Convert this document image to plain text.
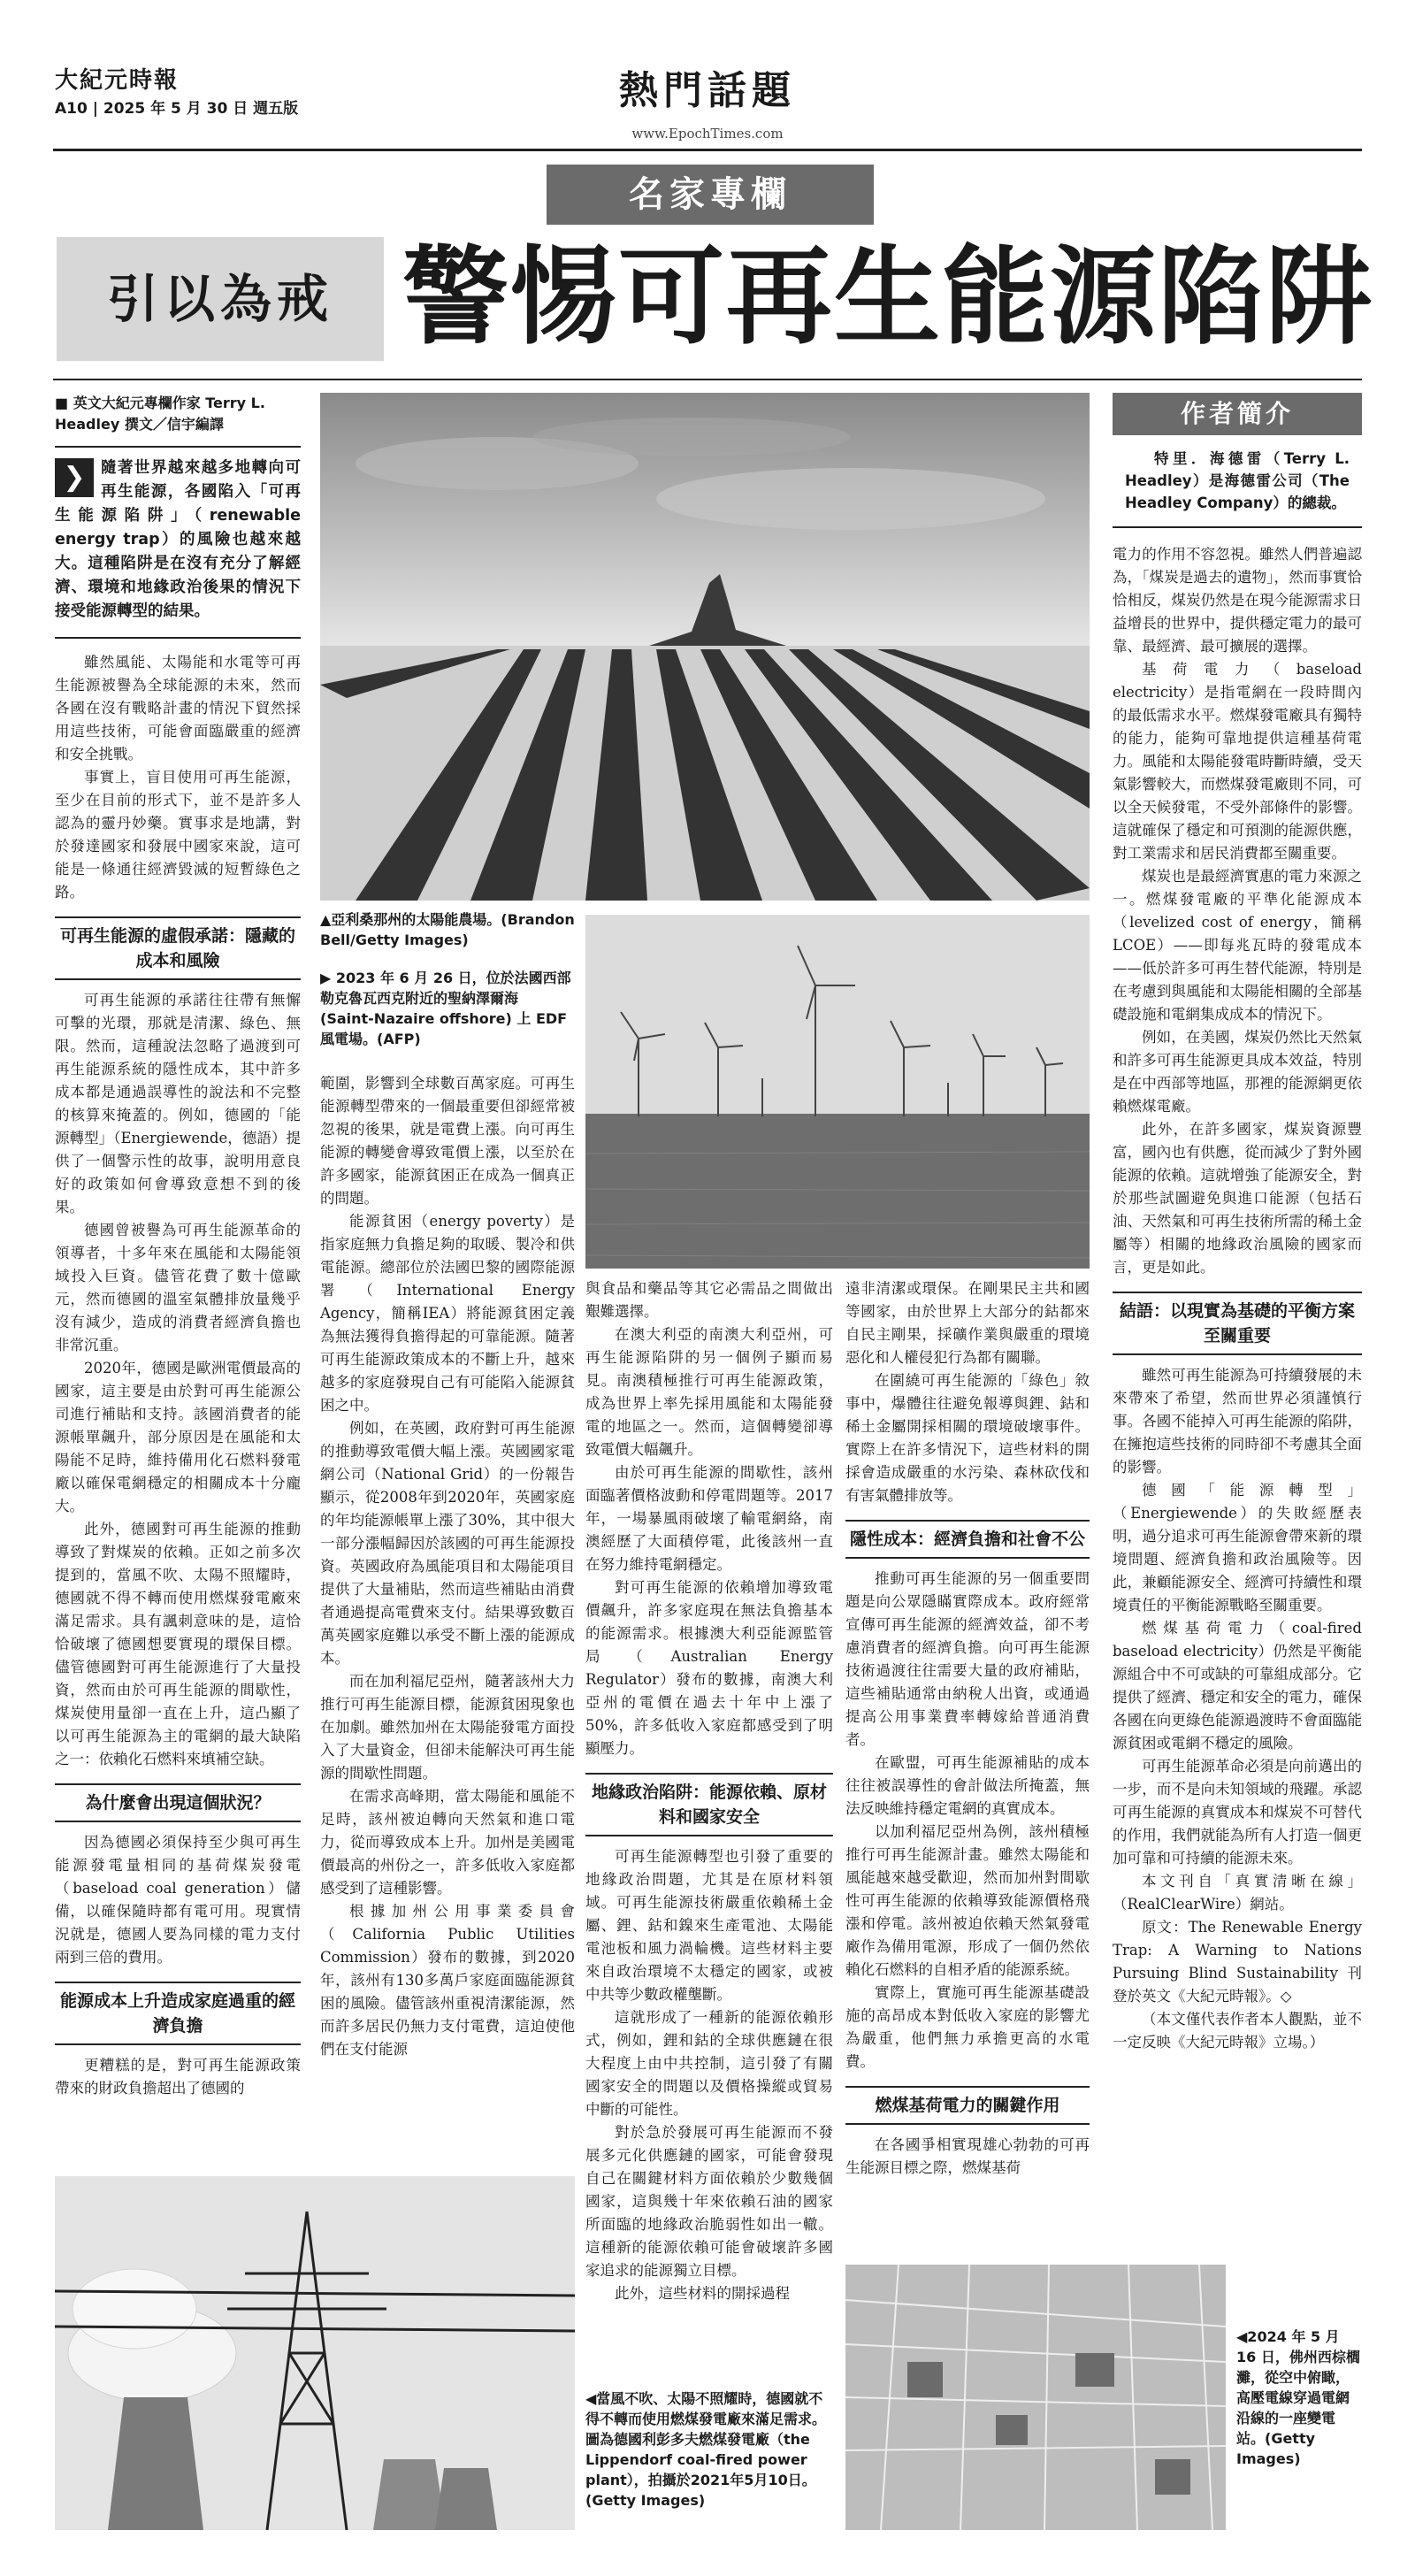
大紀元時報
A10 | 2025 年 5 月 30 日 週五版	熱門話題
www.EpochTimes.com
名家專欄
引以為戒 警惕可再生能源陷阱
■ 英文大紀元專欄作家 Terry L. Headley 撰文／信宇編譯
❯ 隨著世界越來越多地轉向可再生能源，各國陷入「可再生能源陷阱」（renewable energy trap）的風險也越來越大。這種陷阱是在沒有充分了解經濟、環境和地緣政治後果的情況下接受能源轉型的結果。

雖然風能、太陽能和水電等可再生能源被譽為全球能源的未來，然而各國在沒有戰略計畫的情況下貿然採用這些技術，可能會面臨嚴重的經濟和安全挑戰。

事實上，盲目使用可再生能源，至少在目前的形式下，並不是許多人認為的靈丹妙藥。實事求是地講，對於發達國家和發展中國家來說，這可能是一條通往經濟毀滅的短暫綠色之路。

可再生能源的虛假承諾：隱藏的成本和風險

可再生能源的承諾往往帶有無懈可擊的光環，那就是清潔、綠色、無限。然而，這種說法忽略了過渡到可再生能源系統的隱性成本，其中許多成本都是通過誤導性的說法和不完整的核算來掩蓋的。例如，德國的「能源轉型」（Energiewende，德語）提供了一個警示性的故事，說明用意良好的政策如何會導致意想不到的後果。

德國曾被譽為可再生能源革命的領導者，十多年來在風能和太陽能領域投入巨資。儘管花費了數十億歐元，然而德國的溫室氣體排放量幾乎沒有減少，造成的消費者經濟負擔也非常沉重。

2020年，德國是歐洲電價最高的國家，這主要是由於對可再生能源公司進行補貼和支持。該國消費者的能源帳單飆升，部分原因是在風能和太陽能不足時，維持備用化石燃料發電廠以確保電網穩定的相關成本十分龐大。

此外，德國對可再生能源的推動導致了對煤炭的依賴。正如之前多次提到的，當風不吹、太陽不照耀時，德國就不得不轉而使用燃煤發電廠來滿足需求。具有諷刺意味的是，這恰恰破壞了德國想要實現的環保目標。儘管德國對可再生能源進行了大量投資，然而由於可再生能源的間歇性，煤炭使用量卻一直在上升，這凸顯了以可再生能源為主的電網的最大缺陷之一：依賴化石燃料來填補空缺。

為什麼會出現這個狀況？

因為德國必須保持至少與可再生能源發電量相同的基荷煤炭發電（baseload coal generation）儲備，以確保隨時都有電可用。現實情況就是，德國人要為同樣的電力支付兩到三倍的費用。

能源成本上升造成家庭過重的經濟負擔

更糟糕的是，對可再生能源政策帶來的財政負擔超出了德國的

▲亞利桑那州的太陽能農場。(Brandon Bell/Getty Images)
▶ 2023 年 6 月 26 日，位於法國西部勒克魯瓦西克附近的聖納澤爾海 (Saint-Nazaire offshore) 上 EDF 風電場。(AFP)

範圍，影響到全球數百萬家庭。可再生能源轉型帶來的一個最重要但卻經常被忽視的後果，就是電費上漲。向可再生能源的轉變會導致電價上漲，以至於在許多國家，能源貧困正在成為一個真正的問題。

能源貧困（energy poverty）是指家庭無力負擔足夠的取暖、製冷和供電能源。總部位於法國巴黎的國際能源署（International Energy Agency，簡稱IEA）將能源貧困定義為無法獲得負擔得起的可靠能源。隨著可再生能源政策成本的不斷上升，越來越多的家庭發現自己有可能陷入能源貧困之中。

例如，在英國，政府對可再生能源的推動導致電價大幅上漲。英國國家電網公司（National Grid）的一份報告顯示，從2008年到2020年，英國家庭的年均能源帳單上漲了30%，其中很大一部分漲幅歸因於該國的可再生能源投資。英國政府為風能項目和太陽能項目提供了大量補貼，然而這些補貼由消費者通過提高電費來支付。結果導致數百萬英國家庭難以承受不斷上漲的能源成本。

而在加利福尼亞州，隨著該州大力推行可再生能源目標，能源貧困現象也在加劇。雖然加州在太陽能發電方面投入了大量資金，但卻未能解決可再生能源的間歇性問題。

在需求高峰期，當太陽能和風能不足時，該州被迫轉向天然氣和進口電力，從而導致成本上升。加州是美國電價最高的州份之一，許多低收入家庭都感受到了這種影響。

根據加州公用事業委員會（California Public Utilities Commission）發布的數據，到2020年，該州有130多萬戶家庭面臨能源貧困的風險。儘管該州重視清潔能源，然而許多居民仍無力支付電費，這迫使他們在支付能源

與食品和藥品等其它必需品之間做出艱難選擇。

在澳大利亞的南澳大利亞州，可再生能源陷阱的另一個例子顯而易見。南澳積極推行可再生能源政策，成為世界上率先採用風能和太陽能發電的地區之一。然而，這個轉變卻導致電價大幅飆升。

由於可再生能源的間歇性，該州面臨著價格波動和停電問題等。2017年，一場暴風雨破壞了輸電網絡，南澳經歷了大面積停電，此後該州一直在努力維持電網穩定。

對可再生能源的依賴增加導致電價飆升，許多家庭現在無法負擔基本的能源需求。根據澳大利亞能源監管局（Australian Energy Regulator）發布的數據，南澳大利亞州的電價在過去十年中上漲了50%，許多低收入家庭都感受到了明顯壓力。

地緣政治陷阱：能源依賴、原材料和國家安全

可再生能源轉型也引發了重要的地緣政治問題，尤其是在原材料領域。可再生能源技術嚴重依賴稀土金屬、鋰、鈷和鎳來生產電池、太陽能電池板和風力渦輪機。這些材料主要來自政治環境不太穩定的國家，或被中共等少數政權壟斷。

這就形成了一種新的能源依賴形式，例如，鋰和鈷的全球供應鏈在很大程度上由中共控制，這引發了有關國家安全的問題以及價格操縱或貿易中斷的可能性。

對於急於發展可再生能源而不發展多元化供應鏈的國家，可能會發現自己在關鍵材料方面依賴於少數幾個國家，這與幾十年來依賴石油的國家所面臨的地緣政治脆弱性如出一轍。這種新的能源依賴可能會破壞許多國家追求的能源獨立目標。

此外，這些材料的開採過程

遠非清潔或環保。在剛果民主共和國等國家，由於世界上大部分的鈷都來自民主剛果，採礦作業與嚴重的環境惡化和人權侵犯行為都有關聯。

在圍繞可再生能源的「綠色」敘事中，爆體往往避免報導與鋰、鈷和稀土金屬開採相關的環境破壞事件。實際上在許多情況下，這些材料的開採會造成嚴重的水污染、森林砍伐和有害氣體排放等。

隱性成本：經濟負擔和社會不公

推動可再生能源的另一個重要問題是向公眾隱瞞實際成本。政府經常宣傳可再生能源的經濟效益，卻不考慮消費者的經濟負擔。向可再生能源技術過渡往往需要大量的政府補貼，這些補貼通常由納稅人出資，或通過提高公用事業費率轉嫁給普通消費者。

在歐盟，可再生能源補貼的成本往往被誤導性的會計做法所掩蓋，無法反映維持穩定電網的真實成本。

以加利福尼亞州為例，該州積極推行可再生能源計畫。雖然太陽能和風能越來越受歡迎，然而加州對間歇性可再生能源的依賴導致能源價格飛漲和停電。該州被迫依賴天然氣發電廠作為備用電源，形成了一個仍然依賴化石燃料的自相矛盾的能源系統。

實際上，實施可再生能源基礎設施的高昂成本對低收入家庭的影響尤為嚴重，他們無力承擔更高的水電費。

燃煤基荷電力的關鍵作用

在各國爭相實現雄心勃勃的可再生能源目標之際，燃煤基荷

作者簡介
特里．海德雷（Terry L. Headley）是海德雷公司（The Headley Company）的總裁。

電力的作用不容忽視。雖然人們普遍認為，「煤炭是過去的遺物」，然而事實恰恰相反，煤炭仍然是在現今能源需求日益增長的世界中，提供穩定電力的最可靠、最經濟、最可擴展的選擇。

基荷電力（baseload electricity）是指電網在一段時間內的最低需求水平。燃煤發電廠具有獨特的能力，能夠可靠地提供這種基荷電力。風能和太陽能發電時斷時續，受天氣影響較大，而燃煤發電廠則不同，可以全天候發電，不受外部條件的影響。這就確保了穩定和可預測的能源供應，對工業需求和居民消費都至關重要。

煤炭也是最經濟實惠的電力來源之一。燃煤發電廠的平準化能源成本（levelized cost of energy，簡稱LCOE）——即每兆瓦時的發電成本——低於許多可再生替代能源，特別是在考慮到與風能和太陽能相關的全部基礎設施和電網集成成本的情況下。

例如，在美國，煤炭仍然比天然氣和許多可再生能源更具成本效益，特別是在中西部等地區，那裡的能源網更依賴燃煤電廠。

此外，在許多國家，煤炭資源豐富，國內也有供應，從而減少了對外國能源的依賴。這就增強了能源安全，對於那些試圖避免與進口能源（包括石油、天然氣和可再生技術所需的稀土金屬等）相關的地緣政治風險的國家而言，更是如此。

結語：以現實為基礎的平衡方案至關重要

雖然可再生能源為可持續發展的未來帶來了希望，然而世界必須謹慎行事。各國不能掉入可再生能源的陷阱，在擁抱這些技術的同時卻不考慮其全面的影響。

德國「能源轉型」（Energiewende）的失敗經歷表明，過分追求可再生能源會帶來新的環境問題、經濟負擔和政治風險等。因此，兼顧能源安全、經濟可持續性和環境責任的平衡能源戰略至關重要。

燃煤基荷電力（coal-fired baseload electricity）仍然是平衡能源組合中不可或缺的可靠組成部分。它提供了經濟、穩定和安全的電力，確保各國在向更綠色能源過渡時不會面臨能源貧困或電網不穩定的風險。

可再生能源革命必須是向前邁出的一步，而不是向未知領域的飛躍。承認可再生能源的真實成本和煤炭不可替代的作用，我們就能為所有人打造一個更加可靠和可持續的能源未來。

本文刊自「真實清晰在線」（RealClearWire）網站。

原文：The Renewable Energy Trap: A Warning to Nations Pursuing Blind Sustainability 刊登於英文《大紀元時報》。◇

（本文僅代表作者本人觀點，並不一定反映《大紀元時報》立場。）

◀當風不吹、太陽不照耀時，德國就不得不轉而使用燃煤發電廠來滿足需求。圖為德國利彭多夫燃煤發電廠（the Lippendorf coal-fired power plant），拍攝於2021年5月10日。(Getty Images)
◀2024 年 5 月 16 日，佛州西棕櫚灘，從空中俯瞰，高壓電線穿過電網沿線的一座變電站。(Getty Images)
